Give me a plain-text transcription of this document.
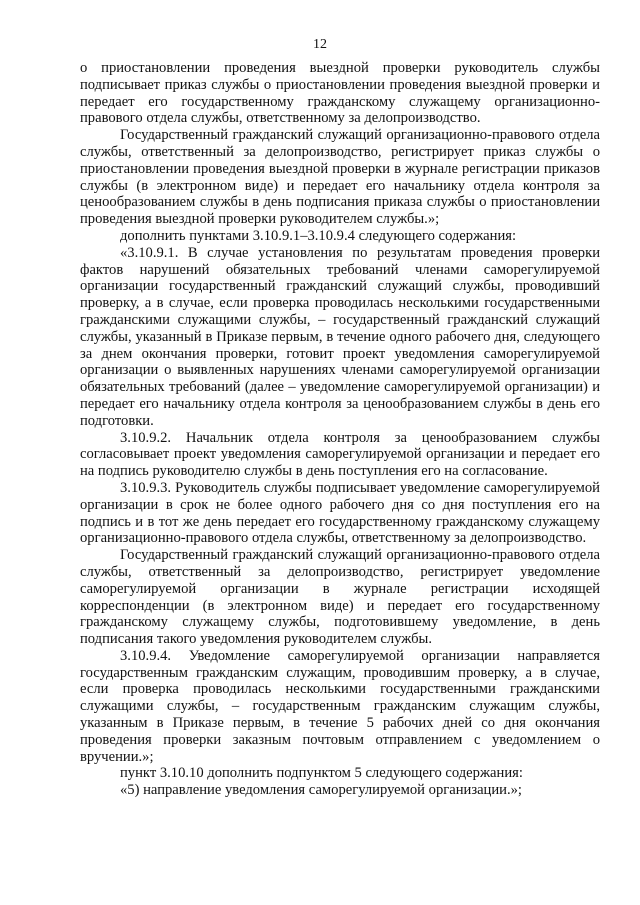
12

о приостановлении проведения выездной проверки руководитель службы подписывает приказ службы о приостановлении проведения выездной проверки и передает его государственному гражданскому служащему организационно-правового отдела службы, ответственному за делопроизводство.

Государственный гражданский служащий организационно-правового отдела службы, ответственный за делопроизводство, регистрирует приказ службы о приостановлении проведения выездной проверки в журнале регистрации приказов службы (в электронном виде) и передает его начальнику отдела контроля за ценообразованием службы в день подписания приказа службы о приостановлении проведения выездной проверки руководителем службы.»;

дополнить пунктами 3.10.9.1–3.10.9.4 следующего содержания:

«3.10.9.1. В случае установления по результатам проведения проверки фактов нарушений обязательных требований членами саморегулируемой организации государственный гражданский служащий службы, проводивший проверку, а в случае, если проверка проводилась несколькими государственными гражданскими служащими службы, – государственный гражданский служащий службы, указанный в Приказе первым, в течение одного рабочего дня, следующего за днем окончания проверки, готовит проект уведомления саморегулируемой организации о выявленных нарушениях членами саморегулируемой организации обязательных требований (далее – уведомление саморегулируемой организации) и передает его начальнику отдела контроля за ценообразованием службы в день его подготовки.

3.10.9.2. Начальник отдела контроля за ценообразованием службы согласовывает проект уведомления саморегулируемой организации и передает его на подпись руководителю службы в день поступления его на согласование.

3.10.9.3. Руководитель службы подписывает уведомление саморегулируемой организации в срок не более одного рабочего дня со дня поступления его на подпись и в тот же день передает его государственному гражданскому служащему организационно-правового отдела службы, ответственному за делопроизводство.

Государственный гражданский служащий организационно-правового отдела службы, ответственный за делопроизводство, регистрирует уведомление саморегулируемой организации в журнале регистрации исходящей корреспонденции (в электронном виде) и передает его государственному гражданскому служащему службы, подготовившему уведомление, в день подписания такого уведомления руководителем службы.

3.10.9.4. Уведомление саморегулируемой организации направляется государственным гражданским служащим, проводившим проверку, а в случае, если проверка проводилась несколькими государственными гражданскими служащими службы, – государственным гражданским служащим службы, указанным в Приказе первым, в течение 5 рабочих дней со дня окончания проведения проверки заказным почтовым отправлением с уведомлением о вручении.»;

пункт 3.10.10 дополнить подпунктом 5 следующего содержания:

«5) направление уведомления саморегулируемой организации.»;
